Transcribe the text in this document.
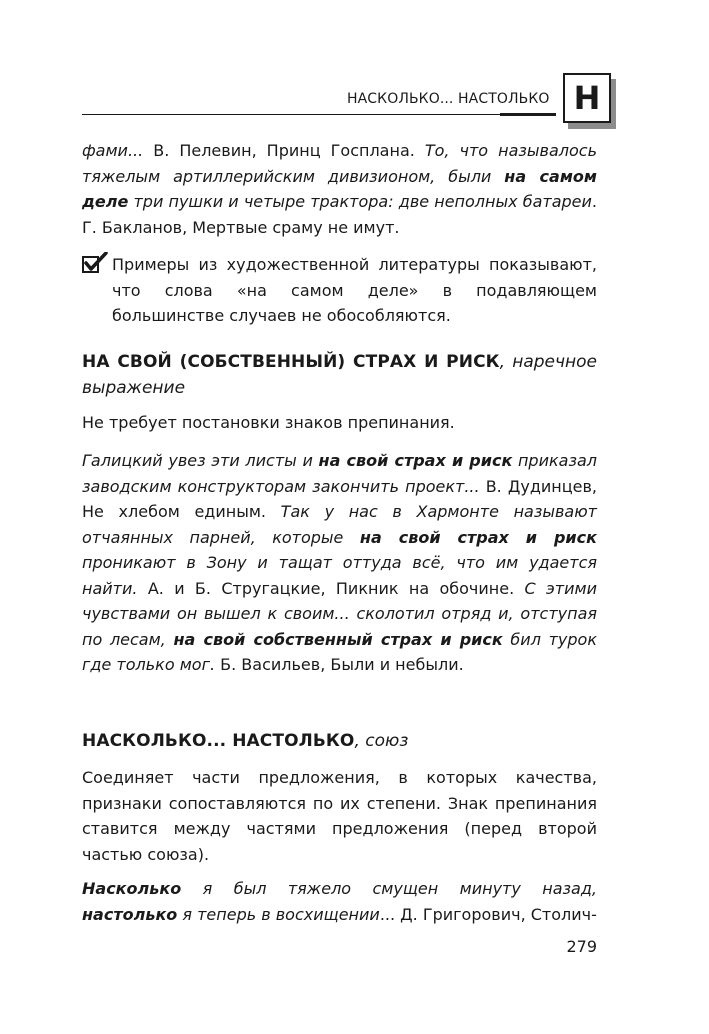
НАСКОЛЬКО... НАСТОЛЬКО Н

фами... В. Пелевин, Принц Госплана. То, что называлось тяжелым артиллерийским дивизионом, были на самом деле три пушки и четыре трактора: две неполных батареи. Г. Бакланов, Мертвые сраму не имут.

Примеры из художественной литературы показывают, что слова «на самом деле» в подавляющем большинстве случаев не обособляются.

НА СВОЙ (СОБСТВЕННЫЙ) СТРАХ И РИСК, наречное выражение

Не требует постановки знаков препинания.

Галицкий увез эти листы и на свой страх и риск приказал заводским конструкторам закончить проект... В. Дудинцев, Не хлебом единым. Так у нас в Хармонте называют отчаянных парней, которые на свой страх и риск проникают в Зону и тащат оттуда всё, что им удается найти. А. и Б. Стругацкие, Пикник на обочине. С этими чувствами он вышел к своим... сколотил отряд и, отступая по лесам, на свой собственный страх и риск бил турок где только мог. Б. Васильев, Были и небыли.

НАСКОЛЬКО... НАСТОЛЬКО, союз

Соединяет части предложения, в которых качества, признаки сопоставляются по их степени. Знак препинания ставится между частями предложения (перед второй частью союза).

Насколько я был тяжело смущен минуту назад, настолько я теперь в восхищении... Д. Григорович, Столич-

279
